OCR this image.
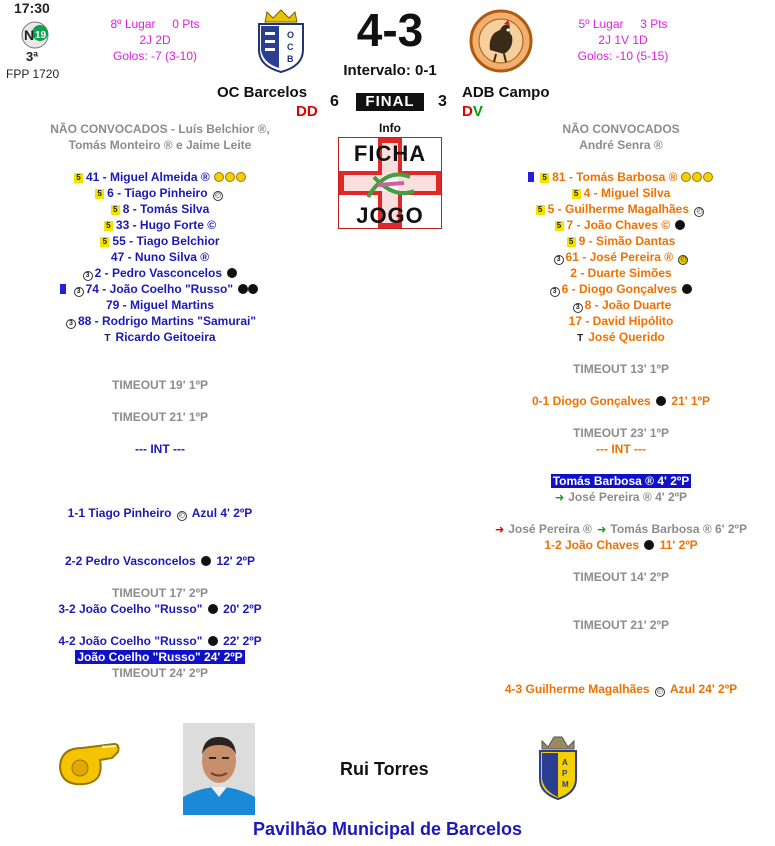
17:30
N 19
3ª
FPP 1720
8º Lugar 0 Pts
2J 2D
Golos: -7 (3-10)
O
C
B
4-3
Intervalo: 0-1
5º Lugar 3 Pts
2J 1V 1D
Golos: -10 (5-15)
OC Barcelos
DD
6	FINAL	3
ADB Campo
DV
Info
FICHA
JOGO
NÃO CONVOCADOS - Luís Belchior ®,
Tomás Monteiro ® e Jaime Leite
5 41 - Miguel Almeida ®
5 6 - Tiago Pinheiro ◴
5 8 - Tomás Silva
5 33 - Hugo Forte ©
5 55 - Tiago Belchior
47 - Nuno Silva ®
3 2 - Pedro Vasconcelos
3 74 - João Coelho "Russo"
79 - Miguel Martins
3 88 - Rodrigo Martins "Samurai"
T Ricardo Geitoeira
TIMEOUT 19' 1ºP
TIMEOUT 21' 1ºP
--- INT ---
1-1 Tiago Pinheiro ◴ Azul 4' 2ºP
2-2 Pedro Vasconcelos 12' 2ºP
TIMEOUT 17' 2ºP
3-2 João Coelho "Russo" 20' 2ºP
4-2 João Coelho "Russo" 22' 2ºP
João Coelho "Russo" 24' 2ºP
TIMEOUT 24' 2ºP
NÃO CONVOCADOS
André Senra ®
5 81 - Tomás Barbosa ®
5 4 - Miguel Silva
5 5 - Guilherme Magalhães ◴
5 7 - João Chaves ©
5 9 - Simão Dantas
3 61 - José Pereira ® ◴
2 - Duarte Simões
3 6 - Diogo Gonçalves
3 8 - João Duarte
17 - David Hipólito
T José Querido
TIMEOUT 13' 1ºP
0-1 Diogo Gonçalves 21' 1ºP
TIMEOUT 23' 1ºP
--- INT ---
Tomás Barbosa ® 4' 2ºP
➜ José Pereira ® 4' 2ºP
➜ José Pereira ® ➜ Tomás Barbosa ® 6' 2ºP
1-2 João Chaves 11' 2ºP
TIMEOUT 14' 2ºP
TIMEOUT 21' 2ºP
4-3 Guilherme Magalhães ◴ Azul 24' 2ºP
Rui Torres	A
P
M
Pavilhão Municipal de Barcelos
